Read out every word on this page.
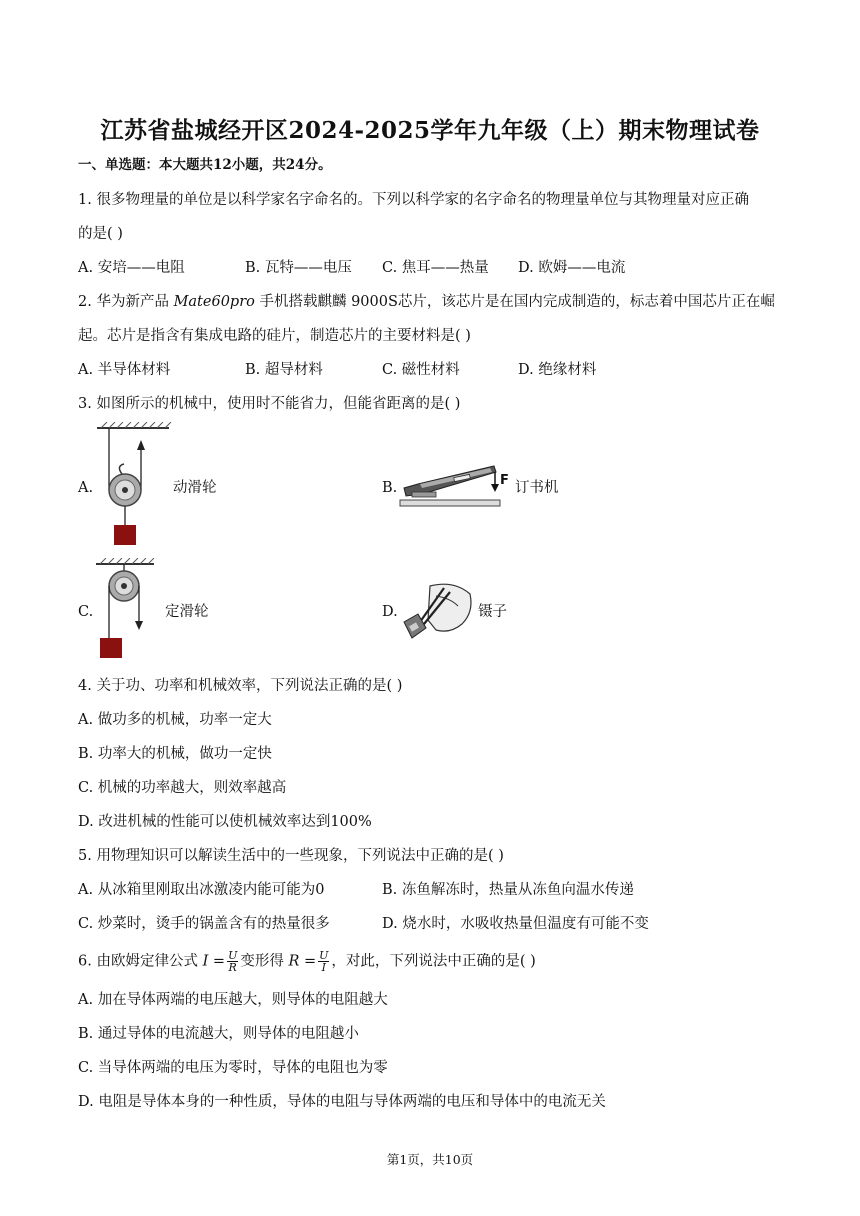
江苏省盐城经开区2024-2025学年九年级（上）期末物理试卷
一、单选题：本大题共12小题，共24分。
1. 很多物理量的单位是以科学家名字命名的。下列以科学家的名字命名的物理量单位与其物理量对应正确
的是( )
A. 安培——电阻	B. 瓦特——电压 C. 焦耳——热量 D. 欧姆——电流
2. 华为新产品 Mate60pro 手机搭载麒麟 9000S芯片，该芯片是在国内完成制造的，标志着中国芯片正在崛
起。芯片是指含有集成电路的硅片，制造芯片的主要材料是( )
A. 半导体材料	B. 超导材料	C. 磁性材料	D. 绝缘材料
3. 如图所示的机械中，使用时不能省力，但能省距离的是( )
A.	动滑轮	B.	F 订书机
C.	定滑轮	D.	镊子
4. 关于功、功率和机械效率，下列说法正确的是( )
A. 做功多的机械，功率一定大
B. 功率大的机械，做功一定快
C. 机械的功率越大，则效率越高
D. 改进机械的性能可以使机械效率达到100%
5. 用物理知识可以解读生活中的一些现象，下列说法中正确的是( )
A. 从冰箱里刚取出冰激凌内能可能为0	B. 冻鱼解冻时，热量从冻鱼向温水传递
C. 炒菜时，烫手的锅盖含有的热量很多	D. 烧水时，水吸收热量但温度有可能不变
6. 由欧姆定律公式 $I = \frac{U}{R}$ 变形得 $R = \frac{U}{I}$ ，对此，下列说法中正确的是( )
A. 加在导体两端的电压越大，则导体的电阻越大
B. 通过导体的电流越大，则导体的电阻越小
C. 当导体两端的电压为零时，导体的电阻也为零
D. 电阻是导体本身的一种性质，导体的电阻与导体两端的电压和导体中的电流无关
第1页，共10页
